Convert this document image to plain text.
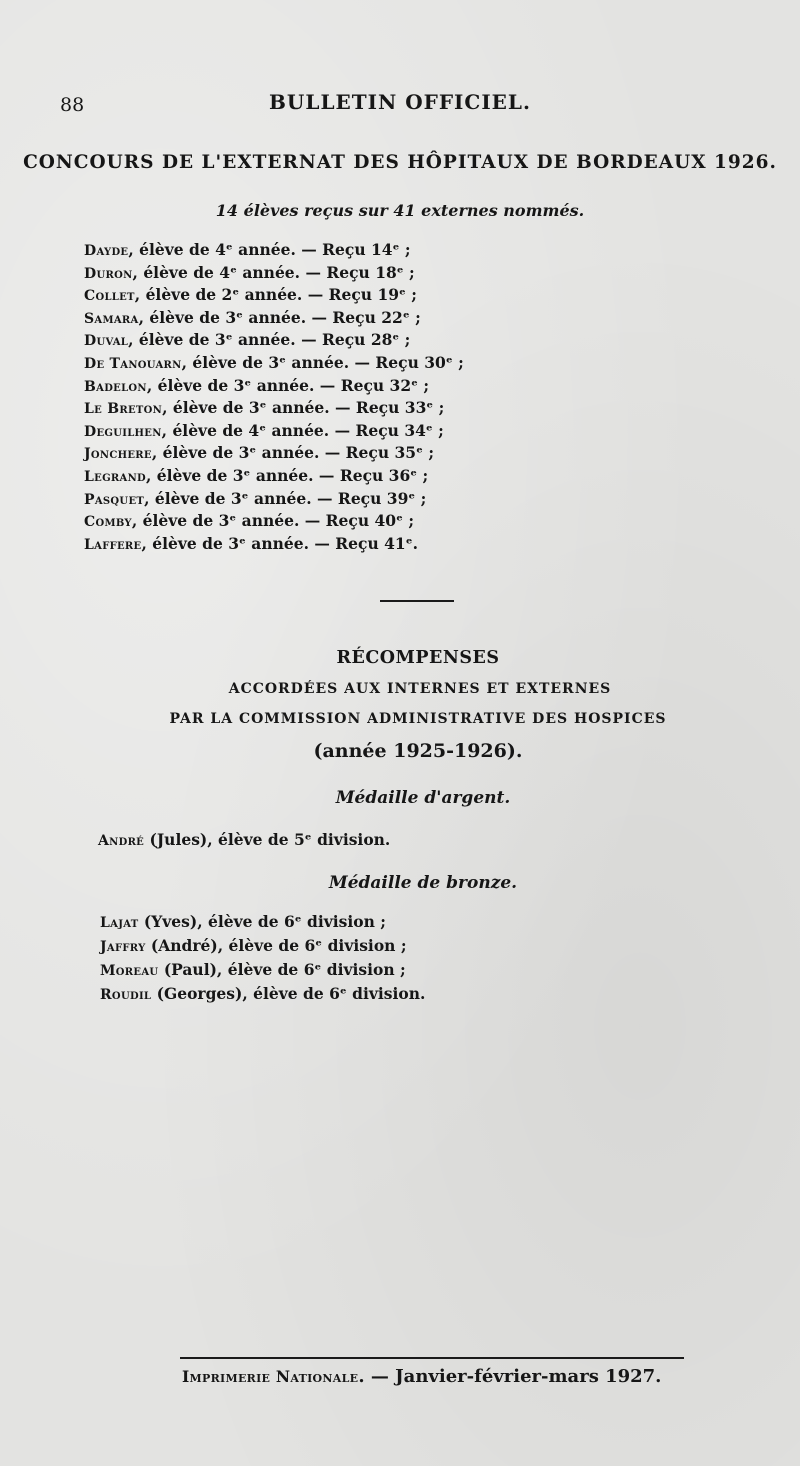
88	BULLETIN OFFICIEL.
CONCOURS DE L'EXTERNAT DES HÔPITAUX DE BORDEAUX 1926.
14 élèves reçus sur 41 externes nommés.
Dayde, élève de 4ᵉ année. — Reçu 14ᵉ ;
Duron, élève de 4ᵉ année. — Reçu 18ᵉ ;
Collet, élève de 2ᵉ année. — Reçu 19ᵉ ;
Samara, élève de 3ᵉ année. — Reçu 22ᵉ ;
Duval, élève de 3ᵉ année. — Reçu 28ᵉ ;
De Tanouarn, élève de 3ᵉ année. — Reçu 30ᵉ ;
Badelon, élève de 3ᵉ année. — Reçu 32ᵉ ;
Le Breton, élève de 3ᵉ année. — Reçu 33ᵉ ;
Deguilhen, élève de 4ᵉ année. — Reçu 34ᵉ ;
Jonchere, élève de 3ᵉ année. — Reçu 35ᵉ ;
Legrand, élève de 3ᵉ année. — Reçu 36ᵉ ;
Pasquet, élève de 3ᵉ année. — Reçu 39ᵉ ;
Comby, élève de 3ᵉ année. — Reçu 40ᵉ ;
Laffere, élève de 3ᵉ année. — Reçu 41ᵉ.
RÉCOMPENSES
ACCORDÉES AUX INTERNES ET EXTERNES
PAR LA COMMISSION ADMINISTRATIVE DES HOSPICES
(année 1925-1926).
Médaille d'argent.
André (Jules), élève de 5ᵉ division.
Médaille de bronze.
Lajat (Yves), élève de 6ᵉ division ;
Jaffry (André), élève de 6ᵉ division ;
Moreau (Paul), élève de 6ᵉ division ;
Roudil (Georges), élève de 6ᵉ division.
Imprimerie Nationale. — Janvier-février-mars 1927.
